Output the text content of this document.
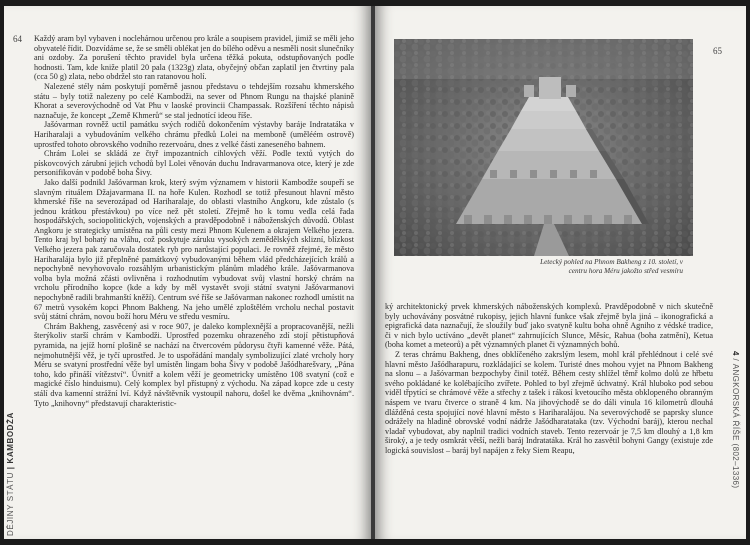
64 Každý aram byl vybaven i noclehárnou určenou pro krále a soupisem pravidel, jimiž se měli jeho obyvatelé řídit. Dozvídáme se, že se směli oblékat jen do bílého oděvu a nesměli nosit slunečníky ani ozdoby. Za porušení těchto pravidel byla určena těžká pokuta, odstupňovaných podle hodnosti. Tam, kde kniže platil 20 pala (1323g) zlata, obyčejný občan zaplatil jen čtvrtiny pala (cca 50 g) zlata, nebo obdržel sto ran ratanovou holí.

Nalezené stély nám poskytují poměrně jasnou představu o tehdejším rozsahu khmerského státu – byly totiž nalezeny po celé Kambodži, na sever od Phnom Rungu na thajské planině Khorat a severovýchodně od Vat Phu v laoské provincii Champassak. Rozšíření těchto nápisů naznačuje, že koncept „Země Khmerů“ se stal jednotící ideou říše.

Jašóvarman rovněž uctil památku svých rodičů dokončením výstavby baráje Indratatáka v Hariharalaji a vybudováním velkého chrámu předků Lolei na memboně (uměléém ostrově) uprostřed tohoto obrovského vodního rezervoáru, dnes z velké části zaneseného bahnem.

Chrám Lolei se skládá ze čtyř impozantních cihlových věží. Podle textů vytých do pískovcových zárubní jejich vchodů byl Lolei věnován duchu Indravarmanova otce, který je zde personifikován v podobě boha Šivy.

Jako další podnikl Jašóvarman krok, který svým významem v historii Kambodže soupeří se slavným rituálem Džajavarmana II. na hoře Kulen. Rozhodl se totiž přesunout hlavní město khmerské říše na severozápad od Hariharalaje, do oblasti vlastního Angkoru, kde zůstalo (s jednou krátkou přestávkou) po více než pět století. Zřejmě ho k tomu vedla celá řada hospodářských, sociopolitických, vojenských a pravděpodobně i náboženských důvodů. Oblast Angkoru je strategicky umístěna na půli cesty mezi Phnom Kulenem a okrajem Velkého jezera. Tento kraj byl bohatý na vláhu, což poskytuje záruku vysokých zemědělských sklizní, blízkost Velkého jezera pak zaručovala dostatek ryb pro narůstající populaci. Je rovněž zřejmé, že město Hariharalája bylo již přeplněné památkový vybudovanými během vlád předcházejících králů a nepochybně nevyhovovalo rozsáhlým urbanistickým plánům mladého krále. Jašóvarmanova volba byla možná zčásti ovlivněna i rozhodnutím vybudovat svůj vlastní horský chrám na vrcholu přírodního kopce (kde a kdy by měl vystavět svoji státní svatyni Jašóvarmanovi nepochybně radili brahmanští kněží). Centrum své říše se Jašóvarman nakonec rozhodl umístit na 67 metrů vysokém kopci Phnom Bakheng. Na jeho umělé zploštělém vrcholu nechal postavit svůj státní chrám, novou boží horu Méru ve středu vesmíru.

Chrám Bakheng, zasvěcený asi v roce 907, je daleko komplexnější a propracovanější, nežli šterýkoliv starší chrám v Kambodži. Uprostřed pozemku ohrazeného zdí stojí pětistupňová pyramida, na jejíž horní plošině se nachází na čtvercovém půdorysu čtyři kamenné věže. Pátá, nejmohutnější věž, je tyčí uprostřed. Je to uspořádání mandaly symbolizující zlaté vrcholy hory Méru se svatyní prostřední věže byl umístěn lingam boha Šivy v podobě Jašódharešvary, „Pána toho, kdo přináší vítězství“. Úvnitř a kolem věží je geometricky umístěno 108 svatyní (což e magické číslo hinduismu). Celý komplex byl přístupný z východu. Na západ kopce zde u cesty stálí dva kamenní strážní lví. Když návštěvník vystoupil nahoru, došel ke dvěma „knihovnám“. Tyto „knihovny“ představují charakteristic-

DĚJINY STÁTU | KAMBODŽA
65
Letecký pohled na Phnom Bakheng z 10. století, v centru hora Méru jakožto střed vesmíru

ký architektonický prvek khmerských náboženských komplexů. Pravděpodobně v nich skutečně byly uchovávány posvátné rukopisy, jejich hlavní funkce však zřejmě byla jiná – ikonografická a epigrafická data naznačují, že sloužily buď jako svatyně kultu boha ohně Agniho z védské tradice, či v nich bylo uctíváno „devět planet“ zahrnujících Slunce, Měsíc, Rahua (boha zatmění), Ketua (boha komet a meteorů) a pět významných planet či významných bohů.

Z teras chrámu Bakheng, dnes obklíčeného zakrslým lesem, mohl král přehlédnout i celé své hlavní město Jašódharapuru, rozkládající se kolem. Turisté dnes mohou vyjet na Phnom Bakheng na slonu – a Jašóvarman bezpochyby činil totéž. Během cesty shlížel těmř kolmo dolů ze hřbetu svého pokládané ke kolébajícího zvířete. Pohled to byl zřejmě úchvatný. Král hluboko pod sebou viděl třpytící se chrámové věže a střechy z tašek i rákosí kvetoucího města obklopeného obranným náspem ve tvaru čtverce o straně 4 km. Na jihovýchodě se do dáli vinula 16 kilometrů dlouhá dlážděná cesta spojující nové hlavní město s Hariharalájou. Na severovýchodě se paprsky slunce odrážely na hladině obrovské vodní nádrže Jašódharatataka (tzv. Východní baráj), kterou nechal vladař vybudovat, aby naplnil tradici vodních staveb. Tento rezervoár je 7,5 km dlouhý a 1,8 km široký, a je tedy osmkrát větší, nežli baráj Indratatáka. Král ho zasvětil bohyni Gangy (existuje zde logická souvislost – baráj byl napájen z řeky Siem Reapu,

4 / ANGKORSKÁ ŘÍŠE (802–1336)
